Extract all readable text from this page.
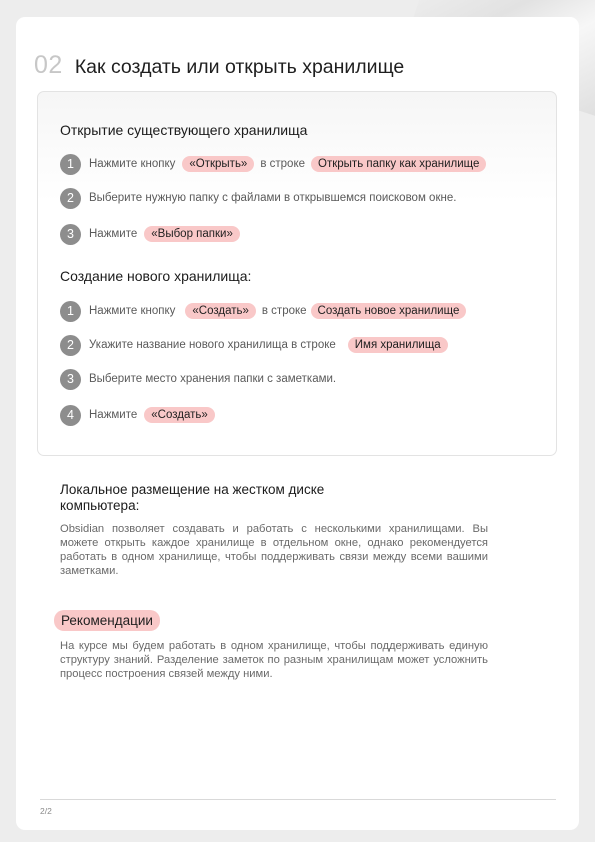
02 Как создать или открыть хранилище
Открытие существующего хранилища
1	Нажмите кнопку	«Открыть»	в строке	Открыть папку как хранилище
2	Выберите нужную папку с файлами в открывшемся поисковом окне.
3	Нажмите	«Выбор папки»
Создание нового хранилища:
1	Нажмите кнопку	«Создать»	в строке Создать новое хранилище
2	Укажите название нового хранилища в строке	Имя хранилища
3	Выберите место хранения папки с заметками.
4	Нажмите	«Создать»
Локальное размещение на жестком диске компьютера:
Obsidian позволяет создавать и работать с несколькими хранилищами. Вы можете открыть каждое хранилище в отдельном окне, однако рекомендуется работать в одном хранилище, чтобы поддерживать связи между всеми вашими заметками.
Рекомендации
На курсе мы будем работать в одном хранилище, чтобы поддерживать единую структуру знаний. Разделение заметок по разным хранилищам может усложнить процесс построения связей между ними.
2/2
